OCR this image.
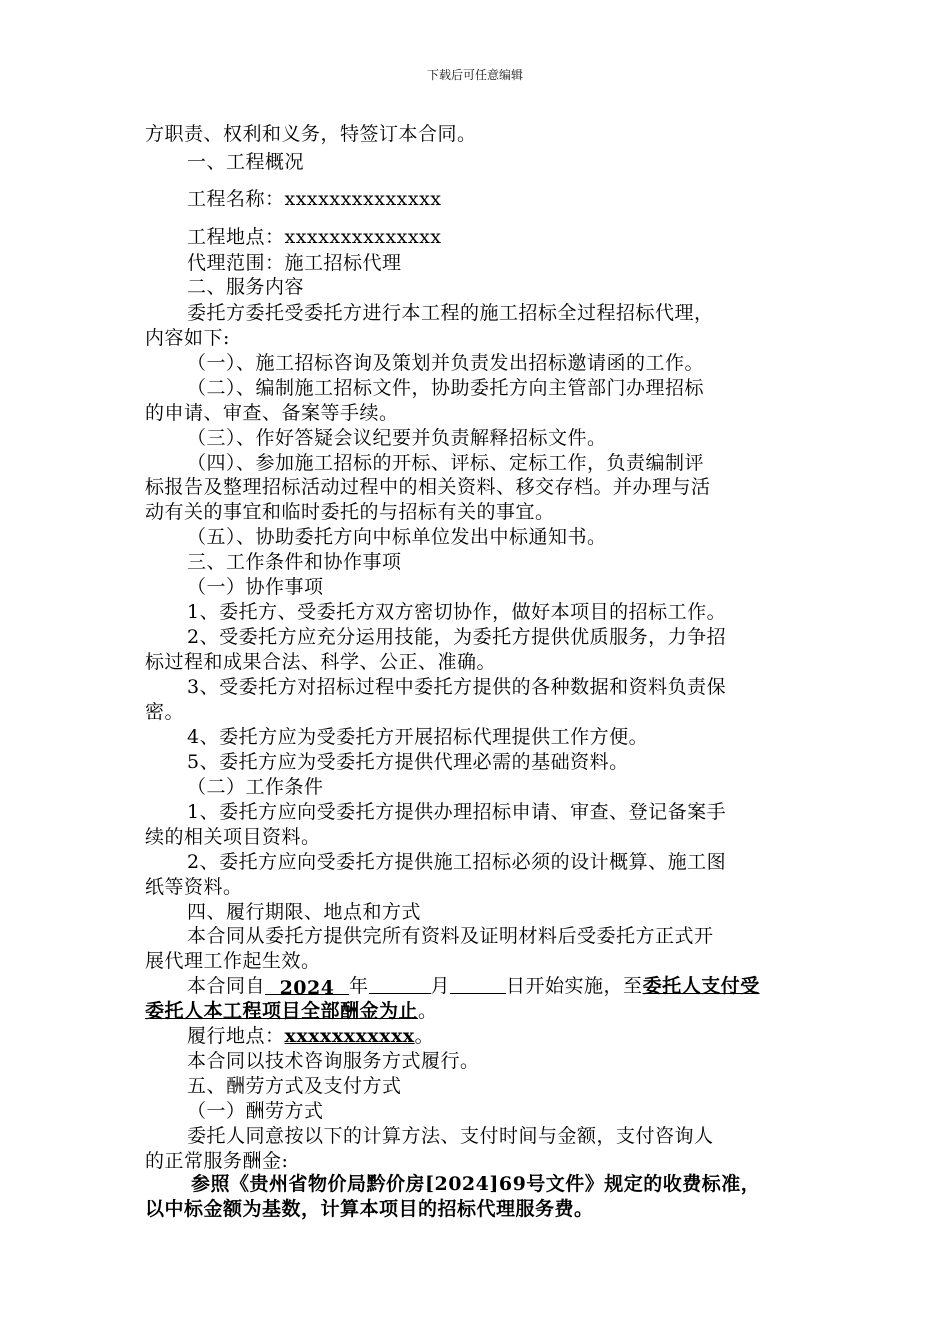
下载后可任意编辑
方职责、权利和义务，特签订本合同。
一、工程概况
工程名称：xxxxxxxxxxxxxx
工程地点：xxxxxxxxxxxxxx
代理范围：施工招标代理
二、服务内容
委托方委托受委托方进行本工程的施工招标全过程招标代理，
内容如下:
（一）、施工招标咨询及策划并负责发出招标邀请函的工作。
（二）、编制施工招标文件，协助委托方向主管部门办理招标
的申请、审查、备案等手续。
（三）、作好答疑会议纪要并负责解释招标文件。
（四）、参加施工招标的开标、评标、定标工作，负责编制评
标报告及整理招标活动过程中的相关资料、移交存档。并办理与活
动有关的事宜和临时委托的与招标有关的事宜。
（五）、协助委托方向中标单位发出中标通知书。
三、工作条件和协作事项
（一）协作事项
1、委托方、受委托方双方密切协作，做好本项目的招标工作。
2、受委托方应充分运用技能，为委托方提供优质服务，力争招
标过程和成果合法、科学、公正、准确。
3、受委托方对招标过程中委托方提供的各种数据和资料负责保
密。
4、委托方应为受委托方开展招标代理提供工作方便。
5、委托方应为受委托方提供代理必需的基础资料。
（二）工作条件
1、委托方应向受委托方提供办理招标申请、审查、登记备案手
续的相关项目资料。
2、委托方应向受委托方提供施工招标必须的设计概算、施工图
纸等资料。
四、履行期限、地点和方式
本合同从委托方提供完所有资料及证明材料后受委托方正式开
展代理工作起生效。
本合同自 2024 年	月	日开始实施，至委托人支付受
委托人本工程项目全部酬金为止。
履行地点：xxxxxxxxxxx。
本合同以技术咨询服务方式履行。
五、酬劳方式及支付方式
（一）酬劳方式
委托人同意按以下的计算方法、支付时间与金额，支付咨询人
的正常服务酬金:
参照《贵州省物价局黔价房[2024]69号文件》规定的收费标准，
以中标金额为基数，计算本项目的招标代理服务费。
